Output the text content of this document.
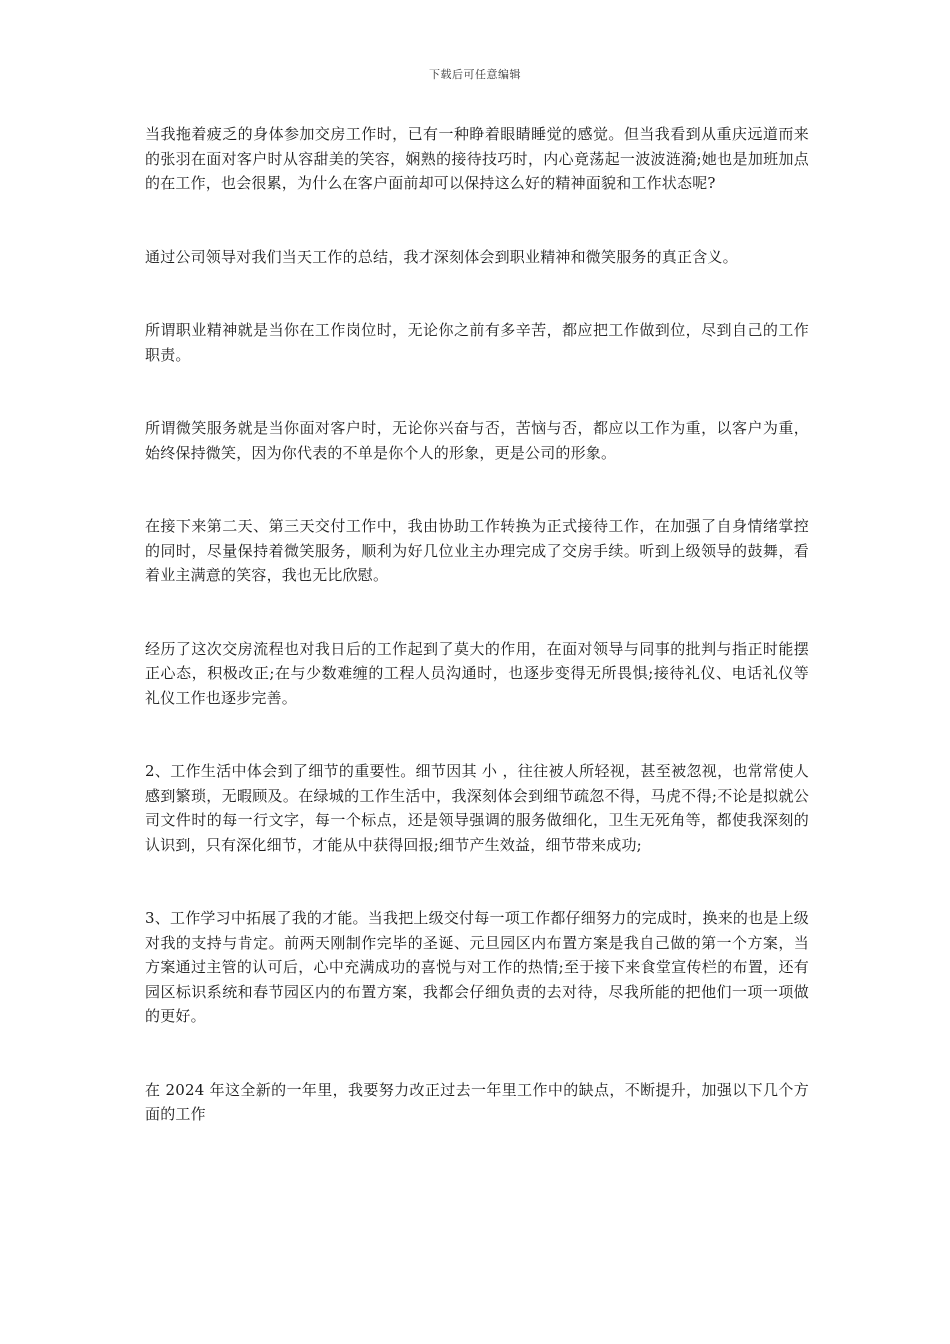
下载后可任意编辑

当我拖着疲乏的身体参加交房工作时，已有一种睁着眼睛睡觉的感觉。但当我看到从重庆远道而来的张羽在面对客户时从容甜美的笑容，娴熟的接待技巧时，内心竟荡起一波波涟漪;她也是加班加点的在工作，也会很累，为什么在客户面前却可以保持这么好的精神面貌和工作状态呢?

通过公司领导对我们当天工作的总结，我才深刻体会到职业精神和微笑服务的真正含义。

所谓职业精神就是当你在工作岗位时，无论你之前有多辛苦，都应把工作做到位，尽到自己的工作职责。

所谓微笑服务就是当你面对客户时，无论你兴奋与否，苦恼与否，都应以工作为重，以客户为重，始终保持微笑，因为你代表的不单是你个人的形象，更是公司的形象。

在接下来第二天、第三天交付工作中，我由协助工作转换为正式接待工作，在加强了自身情绪掌控的同时，尽量保持着微笑服务，顺利为好几位业主办理完成了交房手续。听到上级领导的鼓舞，看着业主满意的笑容，我也无比欣慰。

经历了这次交房流程也对我日后的工作起到了莫大的作用，在面对领导与同事的批判与指正时能摆正心态，积极改正;在与少数难缠的工程人员沟通时，也逐步变得无所畏惧;接待礼仪、电话礼仪等礼仪工作也逐步完善。

2、工作生活中体会到了细节的重要性。细节因其 小 ，往往被人所轻视，甚至被忽视，也常常使人感到繁琐，无暇顾及。在绿城的工作生活中，我深刻体会到细节疏忽不得，马虎不得;不论是拟就公司文件时的每一行文字，每一个标点，还是领导强调的服务做细化，卫生无死角等，都使我深刻的认识到，只有深化细节，才能从中获得回报;细节产生效益，细节带来成功;

3、工作学习中拓展了我的才能。当我把上级交付每一项工作都仔细努力的完成时，换来的也是上级对我的支持与肯定。前两天刚制作完毕的圣诞、元旦园区内布置方案是我自己做的第一个方案，当方案通过主管的认可后，心中充满成功的喜悦与对工作的热情;至于接下来食堂宣传栏的布置，还有园区标识系统和春节园区内的布置方案，我都会仔细负责的去对待，尽我所能的把他们一项一项做的更好。

在 2024 年这全新的一年里，我要努力改正过去一年里工作中的缺点，不断提升，加强以下几个方面的工作
